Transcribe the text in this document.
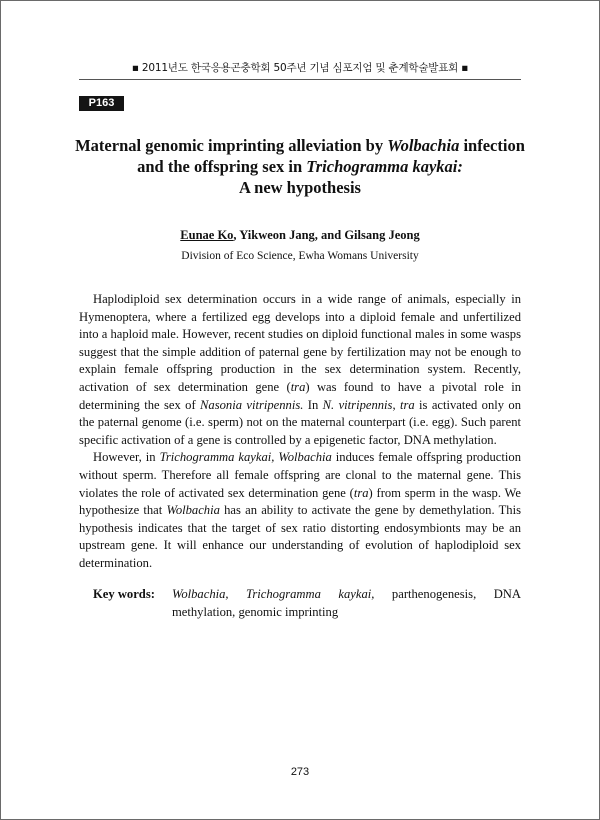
▪ 2011년도 한국응용곤충학회 50주년 기념 심포지엄 및 춘계학술발표회 ▪
P163
Maternal genomic imprinting alleviation by Wolbachia infection
and the offspring sex in Trichogramma kaykai:
A new hypothesis
Eunae Ko, Yikweon Jang, and Gilsang Jeong
Division of Eco Science, Ewha Womans University

Haplodiploid sex determination occurs in a wide range of animals, especially in Hymenoptera, where a fertilized egg develops into a diploid female and unfertilized into a haploid male. However, recent studies on diploid functional males in some wasps suggest that the simple addition of paternal gene by fertilization may not be enough to explain female offspring production in the sex determination system. Recently, activation of sex determination gene (tra) was found to have a pivotal role in determining the sex of Nasonia vitripennis. In N. vitripennis, tra is activated only on the paternal genome (i.e. sperm) not on the maternal counterpart (i.e. egg). Such parent specific activation of a gene is controlled by a epigenetic factor, DNA methylation.

However, in Trichogramma kaykai, Wolbachia induces female offspring production without sperm. Therefore all female offspring are clonal to the maternal gene. This violates the role of activated sex determination gene (tra) from sperm in the wasp. We hypothesize that Wolbachia has an ability to activate the gene by demethylation. This hypothesis indicates that the target of sex ratio distorting endosymbionts may be an upstream gene. It will enhance our understanding of evolution of haplodiploid sex determination.

Key words:	Wolbachia, Trichogramma kaykai, parthenogenesis, DNA methylation, genomic imprinting
273
